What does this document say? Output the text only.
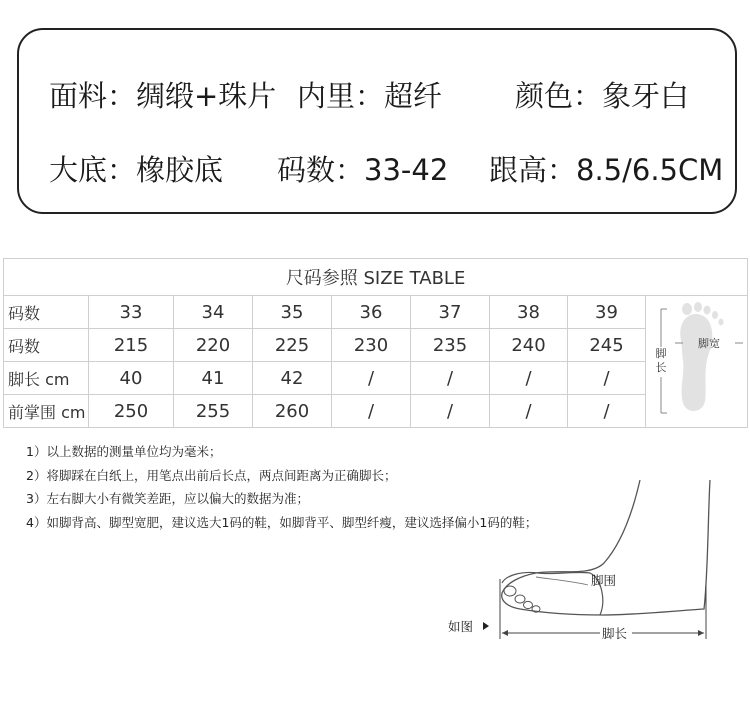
面料：绸缎+珠片 内里：超纤	颜色：象牙白
大底：橡胶底 码数：33-42 跟高：8.5/6.5CM
尺码参照 SIZE TABLE								
码数	33	34	35	36	37	38	39	脚宽
脚
长

码数	215	220	225	230	235	240	245	
脚长 cm	40	41	42	/	/	/	/	
前掌围 cm	250	255	260	/	/	/	/	
1）以上数据的测量单位均为毫米；
2）将脚踩在白纸上，用笔点出前后长点，两点间距离为正确脚长；
3）左右脚大小有微笑差距，应以偏大的数据为准；
4）如脚背高、脚型宽肥，建议选大1码的鞋，如脚背平、脚型纤瘦，建议选择偏小1码的鞋；
如图
脚围
脚长
